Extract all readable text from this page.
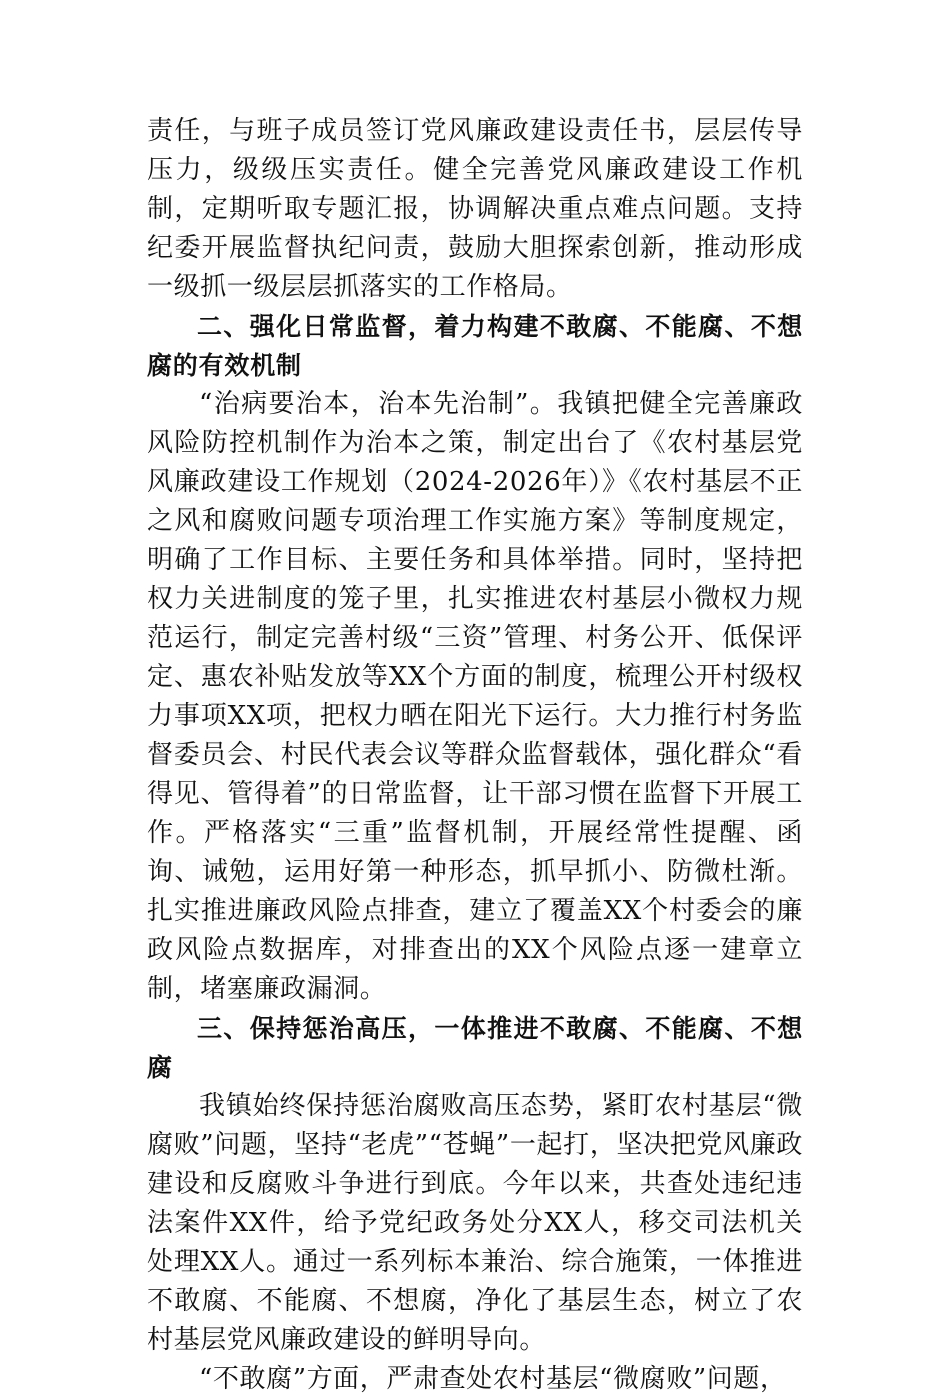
责任，与班子成员签订党风廉政建设责任书，层层传导压力，级级压实责任。健全完善党风廉政建设工作机制，定期听取专题汇报，协调解决重点难点问题。支持纪委开展监督执纪问责，鼓励大胆探索创新，推动形成一级抓一级层层抓落实的工作格局。

二、强化日常监督，着力构建不敢腐、不能腐、不想腐的有效机制

“治病要治本，治本先治制”。我镇把健全完善廉政风险防控机制作为治本之策，制定出台了《农村基层党风廉政建设工作规划（2024-2026年）》《农村基层不正之风和腐败问题专项治理工作实施方案》等制度规定，明确了工作目标、主要任务和具体举措。同时，坚持把权力关进制度的笼子里，扎实推进农村基层小微权力规范运行，制定完善村级“三资”管理、村务公开、低保评定、惠农补贴发放等XX个方面的制度，梳理公开村级权力事项XX项，把权力晒在阳光下运行。大力推行村务监督委员会、村民代表会议等群众监督载体，强化群众“看得见、管得着”的日常监督，让干部习惯在监督下开展工作。严格落实“三重”监督机制，开展经常性提醒、函询、诫勉，运用好第一种形态，抓早抓小、防微杜渐。扎实推进廉政风险点排查，建立了覆盖XX个村委会的廉政风险点数据库，对排查出的XX个风险点逐一建章立制，堵塞廉政漏洞。

三、保持惩治高压，一体推进不敢腐、不能腐、不想腐

我镇始终保持惩治腐败高压态势，紧盯农村基层“微腐败”问题，坚持“老虎”“苍蝇”一起打，坚决把党风廉政建设和反腐败斗争进行到底。今年以来，共查处违纪违法案件XX件，给予党纪政务处分XX人，移交司法机关处理XX人。通过一系列标本兼治、综合施策，一体推进不敢腐、不能腐、不想腐，净化了基层生态，树立了农村基层党风廉政建设的鲜明导向。

“不敢腐”方面，严肃查处农村基层“微腐败”问题，
